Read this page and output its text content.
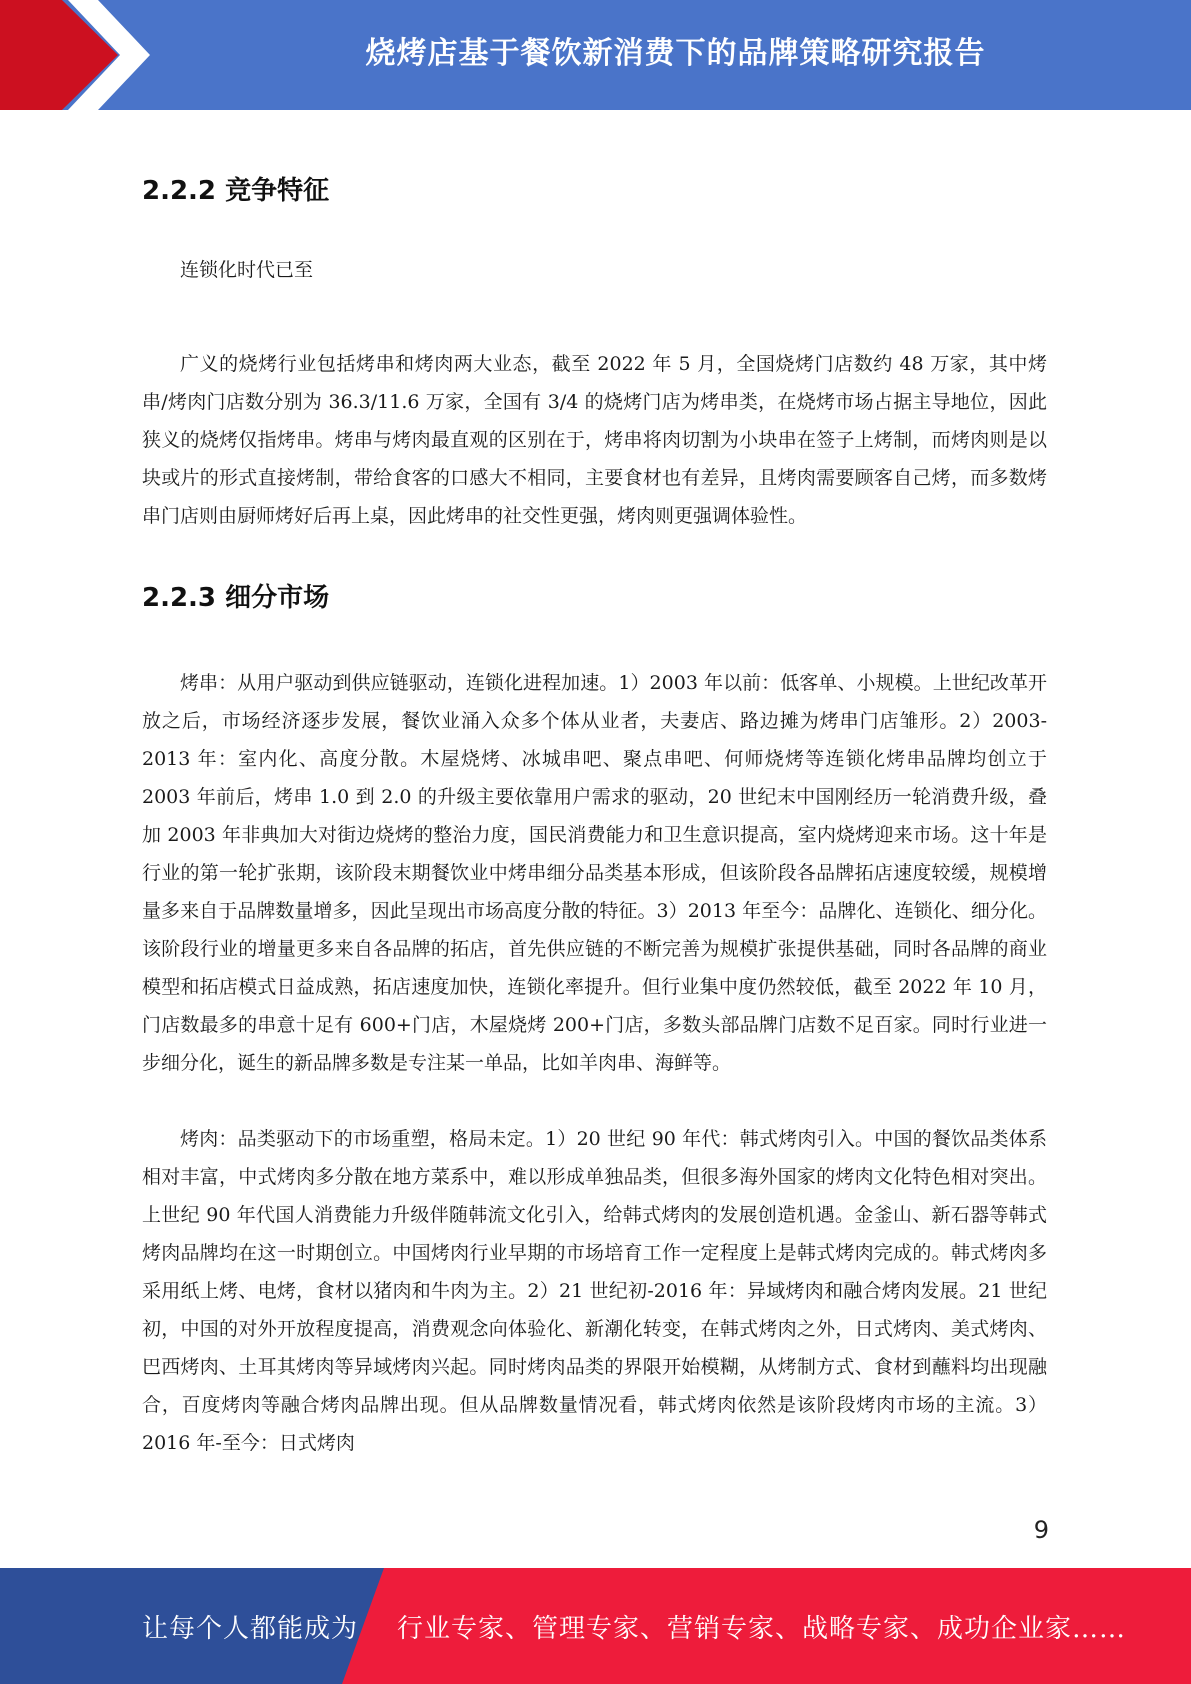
烧烤店基于餐饮新消费下的品牌策略研究报告
2.2.2 竞争特征

连锁化时代已至

广义的烧烤行业包括烤串和烤肉两大业态，截至 2022 年 5 月，全国烧烤门店数约 48 万家，其中烤串/烤肉门店数分别为 36.3/11.6 万家，全国有 3/4 的烧烤门店为烤串类，在烧烤市场占据主导地位，因此狭义的烧烤仅指烤串。烤串与烤肉最直观的区别在于，烤串将肉切割为小块串在签子上烤制，而烤肉则是以块或片的形式直接烤制，带给食客的口感大不相同，主要食材也有差异，且烤肉需要顾客自己烤，而多数烤串门店则由厨师烤好后再上桌，因此烤串的社交性更强，烤肉则更强调体验性。

2.2.3 细分市场

烤串：从用户驱动到供应链驱动，连锁化进程加速。1）2003 年以前：低客单、小规模。上世纪改革开放之后，市场经济逐步发展，餐饮业涌入众多个体从业者，夫妻店、路边摊为烤串门店雏形。2）2003-2013 年：室内化、高度分散。木屋烧烤、冰城串吧、聚点串吧、何师烧烤等连锁化烤串品牌均创立于 2003 年前后，烤串 1.0 到 2.0 的升级主要依靠用户需求的驱动，20 世纪末中国刚经历一轮消费升级，叠加 2003 年非典加大对街边烧烤的整治力度，国民消费能力和卫生意识提高，室内烧烤迎来市场。这十年是行业的第一轮扩张期，该阶段末期餐饮业中烤串细分品类基本形成，但该阶段各品牌拓店速度较缓，规模增量多来自于品牌数量增多，因此呈现出市场高度分散的特征。3）2013 年至今：品牌化、连锁化、细分化。该阶段行业的增量更多来自各品牌的拓店，首先供应链的不断完善为规模扩张提供基础，同时各品牌的商业模型和拓店模式日益成熟，拓店速度加快，连锁化率提升。但行业集中度仍然较低，截至 2022 年 10 月，门店数最多的串意十足有 600+门店，木屋烧烤 200+门店，多数头部品牌门店数不足百家。同时行业进一步细分化，诞生的新品牌多数是专注某一单品，比如羊肉串、海鲜等。

烤肉：品类驱动下的市场重塑，格局未定。1）20 世纪 90 年代：韩式烤肉引入。中国的餐饮品类体系相对丰富，中式烤肉多分散在地方菜系中，难以形成单独品类，但很多海外国家的烤肉文化特色相对突出。上世纪 90 年代国人消费能力升级伴随韩流文化引入，给韩式烤肉的发展创造机遇。金釜山、新石器等韩式烤肉品牌均在这一时期创立。中国烤肉行业早期的市场培育工作一定程度上是韩式烤肉完成的。韩式烤肉多采用纸上烤、电烤，食材以猪肉和牛肉为主。2）21 世纪初-2016 年：异域烤肉和融合烤肉发展。21 世纪初，中国的对外开放程度提高，消费观念向体验化、新潮化转变，在韩式烤肉之外，日式烤肉、美式烤肉、巴西烤肉、土耳其烤肉等异域烤肉兴起。同时烤肉品类的界限开始模糊，从烤制方式、食材到蘸料均出现融合，百度烤肉等融合烤肉品牌出现。但从品牌数量情况看，韩式烤肉依然是该阶段烤肉市场的主流。3）2016 年-至今：日式烤肉

9
让每个人都能成为 行业专家、管理专家、营销专家、战略专家、成功企业家……
